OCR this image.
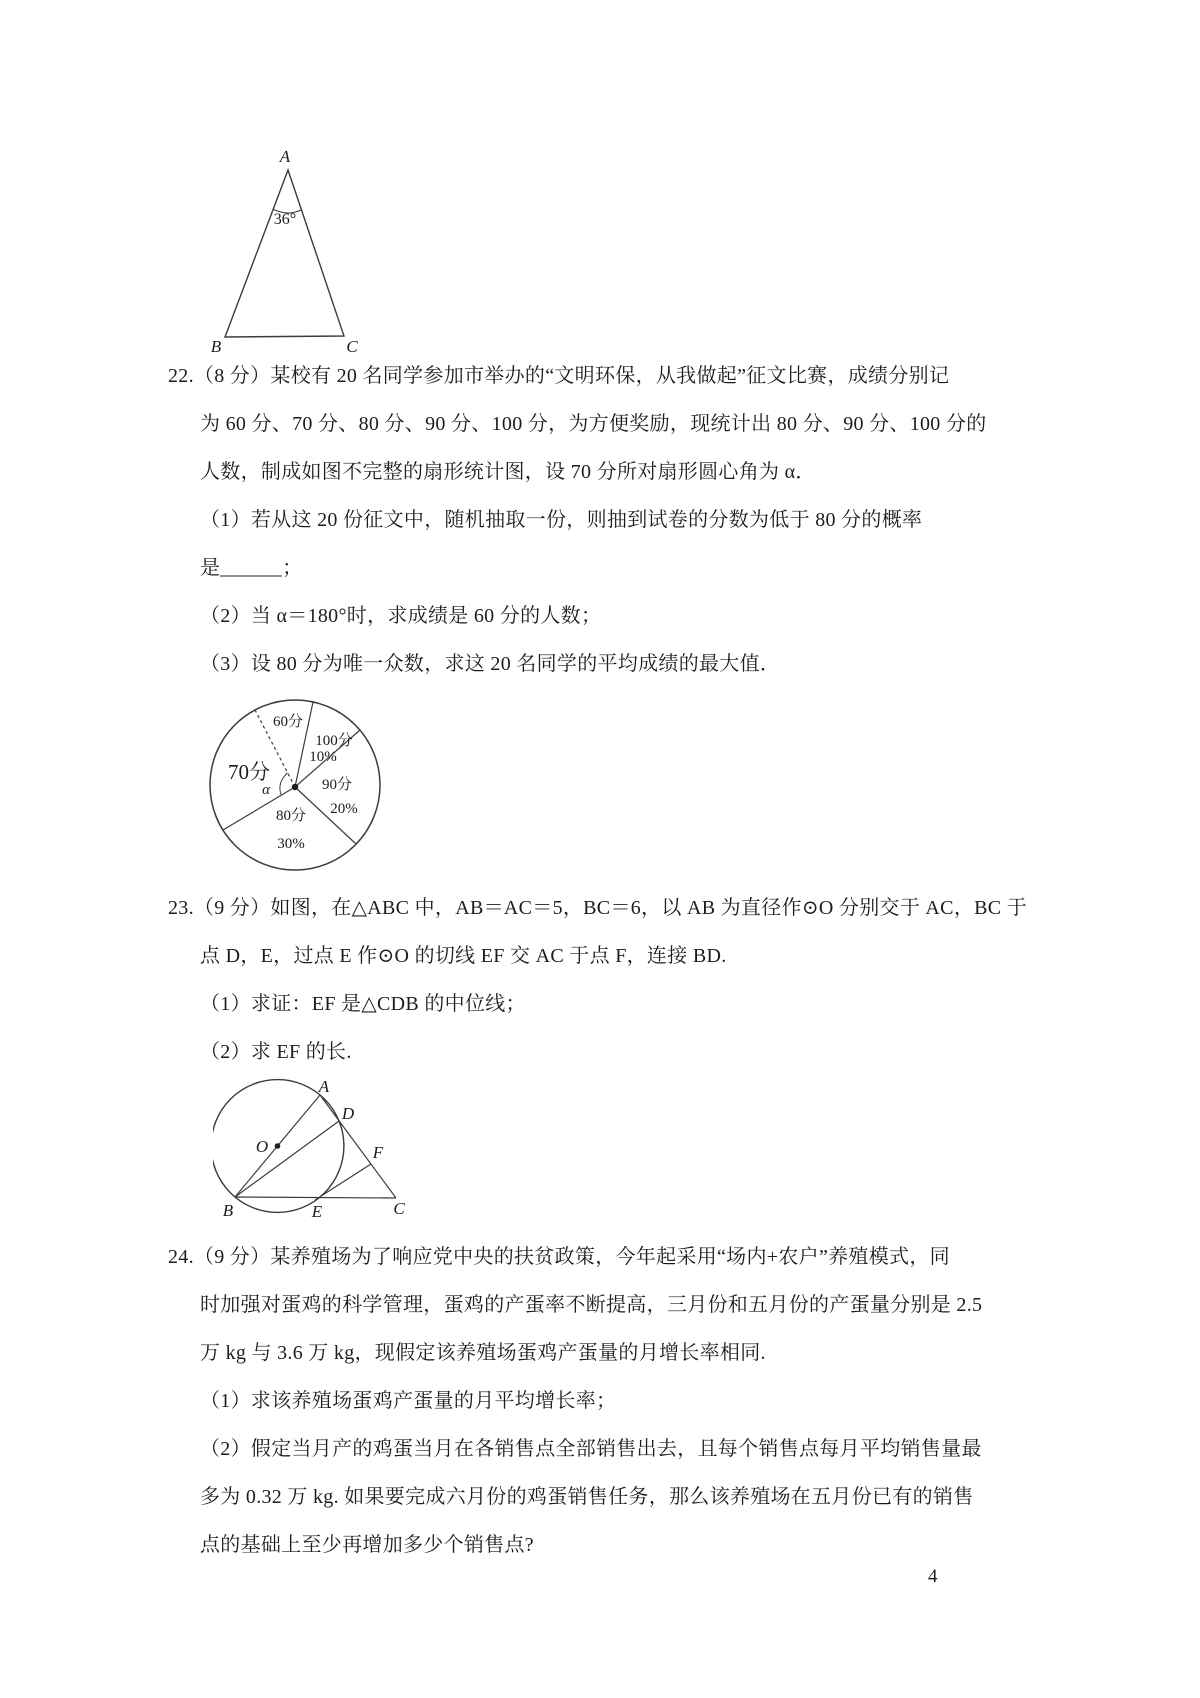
A
36°
B	C
22.（8 分）某校有 20 名同学参加市举办的“文明环保，从我做起”征文比赛，成绩分别记
为 60 分、70 分、80 分、90 分、100 分，为方便奖励，现统计出 80 分、90 分、100 分的
人数，制成如图不完整的扇形统计图，设 70 分所对扇形圆心角为 α．
（1）若从这 20 份征文中，随机抽取一份，则抽到试卷的分数为低于 80 分的概率
是______；
（2）当 α＝180°时，求成绩是 60 分的人数；
（3）设 80 分为唯一众数，求这 20 名同学的平均成绩的最大值．
60分
100分
10%
70分
α	90分
20%
80分
30%
23.（9 分）如图，在△ABC 中，AB＝AC＝5，BC＝6，以 AB 为直径作⊙O 分别交于 AC，BC 于
点 D，E，过点 E 作⊙O 的切线 EF 交 AC 于点 F，连接 BD.
（1）求证：EF 是△CDB 的中位线；
（2）求 EF 的长.
A
D
O	F
B	E	C
24.（9 分）某养殖场为了响应党中央的扶贫政策，今年起采用“场内+农户”养殖模式，同
时加强对蛋鸡的科学管理，蛋鸡的产蛋率不断提高，三月份和五月份的产蛋量分别是 2.5
万 kg 与 3.6 万 kg，现假定该养殖场蛋鸡产蛋量的月增长率相同.
（1）求该养殖场蛋鸡产蛋量的月平均增长率；
（2）假定当月产的鸡蛋当月在各销售点全部销售出去，且每个销售点每月平均销售量最
多为 0.32 万 kg. 如果要完成六月份的鸡蛋销售任务，那么该养殖场在五月份已有的销售
点的基础上至少再增加多少个销售点?
4
